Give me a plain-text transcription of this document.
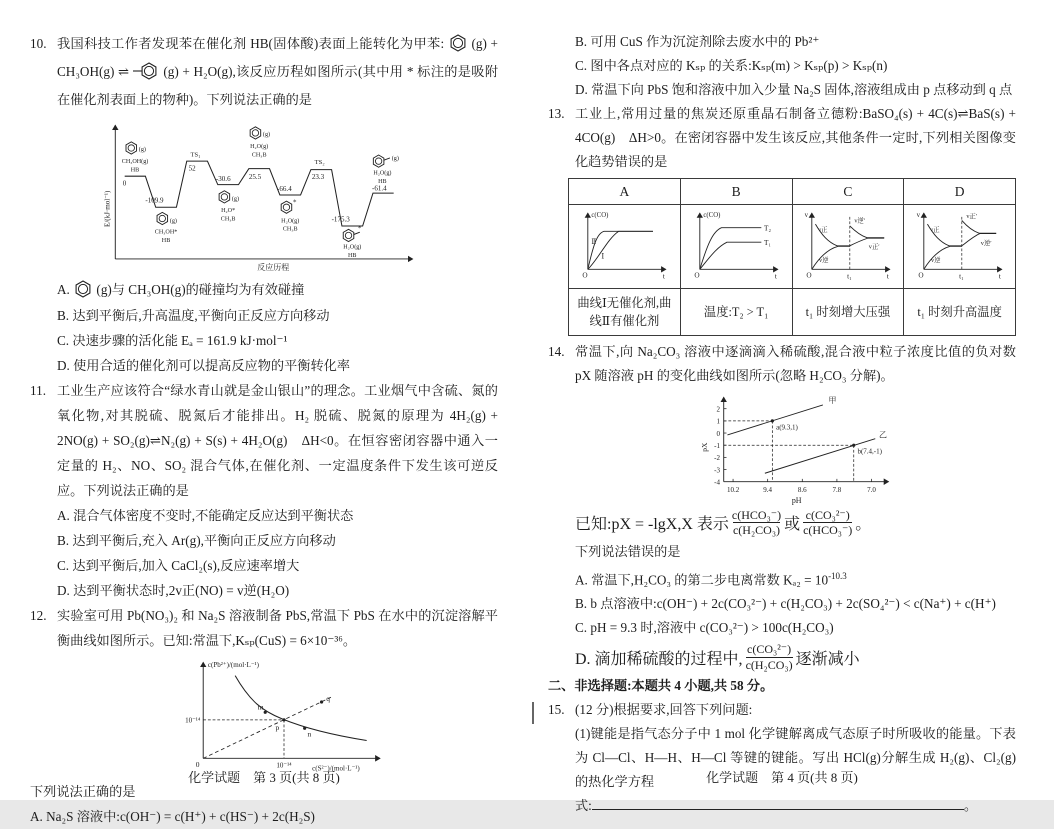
10. 我国科技工作者发现苯在催化剂 HB(固体酸)表面上能转化为甲苯: (g) + CH₃OH(g) ⇌	(g) + H₂O(g),该反应历程如图所示(其中用 * 标注的是吸附在催化剂表面上的物种)。下列说法正确的是
E/(kJ·mol⁻¹)
反应历程
(g)
CH₃OH(g)
HB
0
-109.9
(g)
CH₃OH*
HB
TS₁
52
-30.6
(g)
H₂O*
CH₃B
(g)
H₂O(g)
CH₃B
25.5
-66.4
*
H₂O(g)
CH₃B
TS₂
23.3
-175.3
*
H₂O(g)
HB
-61.4
(g)
H₂O(g)
HB
A. (g)与 CH₃OH(g)的碰撞均为有效碰撞
B. 达到平衡后,升高温度,平衡向正反应方向移动
C. 决速步骤的活化能 Eₐ = 161.9 kJ·mol⁻¹
D. 使用合适的催化剂可以提高反应物的平衡转化率
11. 工业生产应该符合“绿水青山就是金山银山”的理念。工业烟气中含硫、氮的氧化物,对其脱硫、脱氮后才能排出。H₂ 脱硫、脱氮的原理为 4H₂(g) + 2NO(g) + SO₂(g)⇌N₂(g) + S(s) + 4H₂O(g)　ΔH<0。在恒容密闭容器中通入一定量的 H₂、NO、SO₂ 混合气体,在催化剂、一定温度条件下发生该可逆反应。下列说法正确的是
A. 混合气体密度不变时,不能确定反应达到平衡状态
B. 达到平衡后,充入 Ar(g),平衡向正反应方向移动
C. 达到平衡后,加入 CaCl₂(s),反应速率增大
D. 达到平衡状态时,2v正(NO) = v逆(H₂O)
12. 实验室可用 Pb(NO₃)₂ 和 Na₂S 溶液制备 PbS,常温下 PbS 在水中的沉淀溶解平衡曲线如图所示。已知:常温下,Kₛₚ(CuS) = 6×10⁻³⁶。
c(Pb²⁺)/(mol·L⁻¹)
c(S²⁻)/(mol·L⁻¹)
m
p
n
q
10⁻¹⁴
10⁻¹⁴
0
下列说法正确的是
A. Na₂S 溶液中:c(OH⁻) = c(H⁺) + c(HS⁻) + 2c(H₂S)
化学试题　第 3 页(共 8 页)
B. 可用 CuS 作为沉淀剂除去废水中的 Pb²⁺
C. 图中各点对应的 Kₛₚ 的关系:Kₛₚ(m) > Kₛₚ(p) > Kₛₚ(n)
D. 常温下向 PbS 饱和溶液中加入少量 Na₂S 固体,溶液组成由 p 点移动到 q 点
13. 工业上,常用过量的焦炭还原重晶石制备立德粉:BaSO₄(s) + 4C(s)⇌BaS(s) + 4CO(g)　ΔH>0。在密闭容器中发生该反应,其他条件一定时,下列相关图像变化趋势错误的是
A	B	C	D

c(CO)
Ⅱ
Ⅰ
O	t

c(CO)
T₂
T₁
O	t

v
v正
v逆
v逆′
v正′
O	t₁	t

v
v正
v逆
v正′
v逆′
O	t₁	t

曲线Ⅰ无催化剂,曲线Ⅱ有催化剂	温度:T₂ > T₁	t₁ 时刻增大压强	t₁ 时刻升高温度
14. 常温下,向 Na₂CO₃ 溶液中逐滴滴入稀硫酸,混合液中粒子浓度比值的负对数 pX 随溶液 pH 的变化曲线如图所示(忽略 H₂CO₃ 分解)。
pX
pH
2
1
0
-1
-2
-3
-4
10.2	9.4	8.6	7.8	7.0
甲
乙
a(9.3,1)
b(7.4,-1)
已知:pX = -lgX,X 表示 $\frac{\text{c(HCO₃⁻)}}{\text{c(H₂CO₃)}}$ 或 $\frac{\text{c(CO₃²⁻)}}{\text{c(HCO₃⁻)}}$ 。
下列说法错误的是
A. 常温下,H₂CO₃ 的第二步电离常数 $K_{a2} = 10^{-10.3}$
B. b 点溶液中:c(OH⁻) + 2c(CO₃²⁻) + c(H₂CO₃) + 2c(SO₄²⁻) < c(Na⁺) + c(H⁺)
C. pH = 9.3 时,溶液中 c(CO₃²⁻) > 100c(H₂CO₃)
D. 滴加稀硫酸的过程中, $\frac{\text{c(CO₃²⁻)}}{\text{c(H₂CO₃)}}$ 逐渐减小
二、非选择题:本题共 4 小题,共 58 分。
15. (12 分)根据要求,回答下列问题:
(1)键能是指气态分子中 1 mol 化学键解离成气态原子时所吸收的能量。下表为 Cl—Cl、H—H、H—Cl 等键的键能。写出 HCl(g)分解生成 H₂(g)、Cl₂(g)的热化学方程
式:	。
化学试题　第 4 页(共 8 页)
